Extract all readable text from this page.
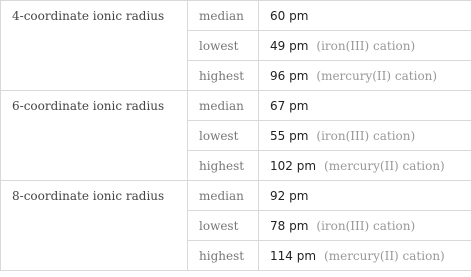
4-coordinate ionic radius	median	60 pm
	lowest	49 pm (iron(III) cation)
	highest	96 pm (mercury(II) cation)
6-coordinate ionic radius	median	67 pm
	lowest	55 pm (iron(III) cation)
	highest	102 pm (mercury(II) cation)
8-coordinate ionic radius	median	92 pm
	lowest	78 pm (iron(III) cation)
	highest	114 pm (mercury(II) cation)
